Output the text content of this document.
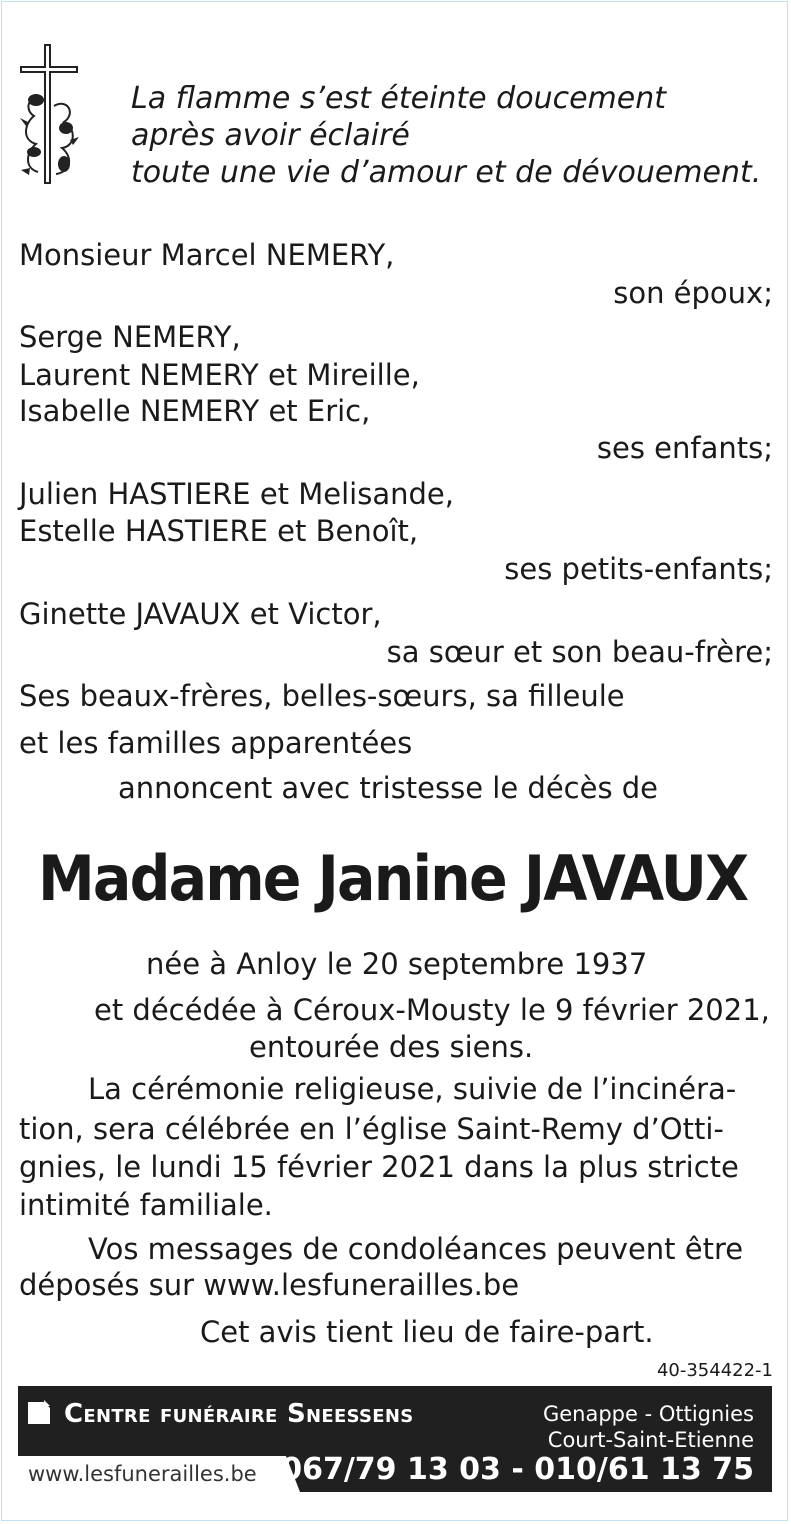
La flamme s’est éteinte doucement
après avoir éclairé
toute une vie d’amour et de dévouement.
Monsieur Marcel NEMERY,
son époux;
Serge NEMERY,
Laurent NEMERY et Mireille,
Isabelle NEMERY et Eric,
ses enfants;
Julien HASTIERE et Melisande,
Estelle HASTIERE et Benoît,
ses petits-enfants;
Ginette JAVAUX et Victor,
sa sœur et son beau-frère;
Ses beaux-frères, belles-sœurs, sa filleule
et les familles apparentées
annoncent avec tristesse le décès de
Madame Janine JAVAUX
née à Anloy le 20 septembre 1937
et décédée à Céroux-Mousty le 9 février 2021,
entourée des siens.
La cérémonie religieuse, suivie de l’incinéra-
tion, sera célébrée en l’église Saint-Remy d’Otti-
gnies, le lundi 15 février 2021 dans la plus stricte
intimité familiale.
Vos messages de condoléances peuvent être
déposés sur www.lesfunerailles.be
Cet avis tient lieu de faire-part.
40-354422-1
Centre funéraire Sneessens	Genappe - Ottignies
Court-Saint-Etienne
www.lesfunerailles.be 067/79 13 03 - 010/61 13 75
